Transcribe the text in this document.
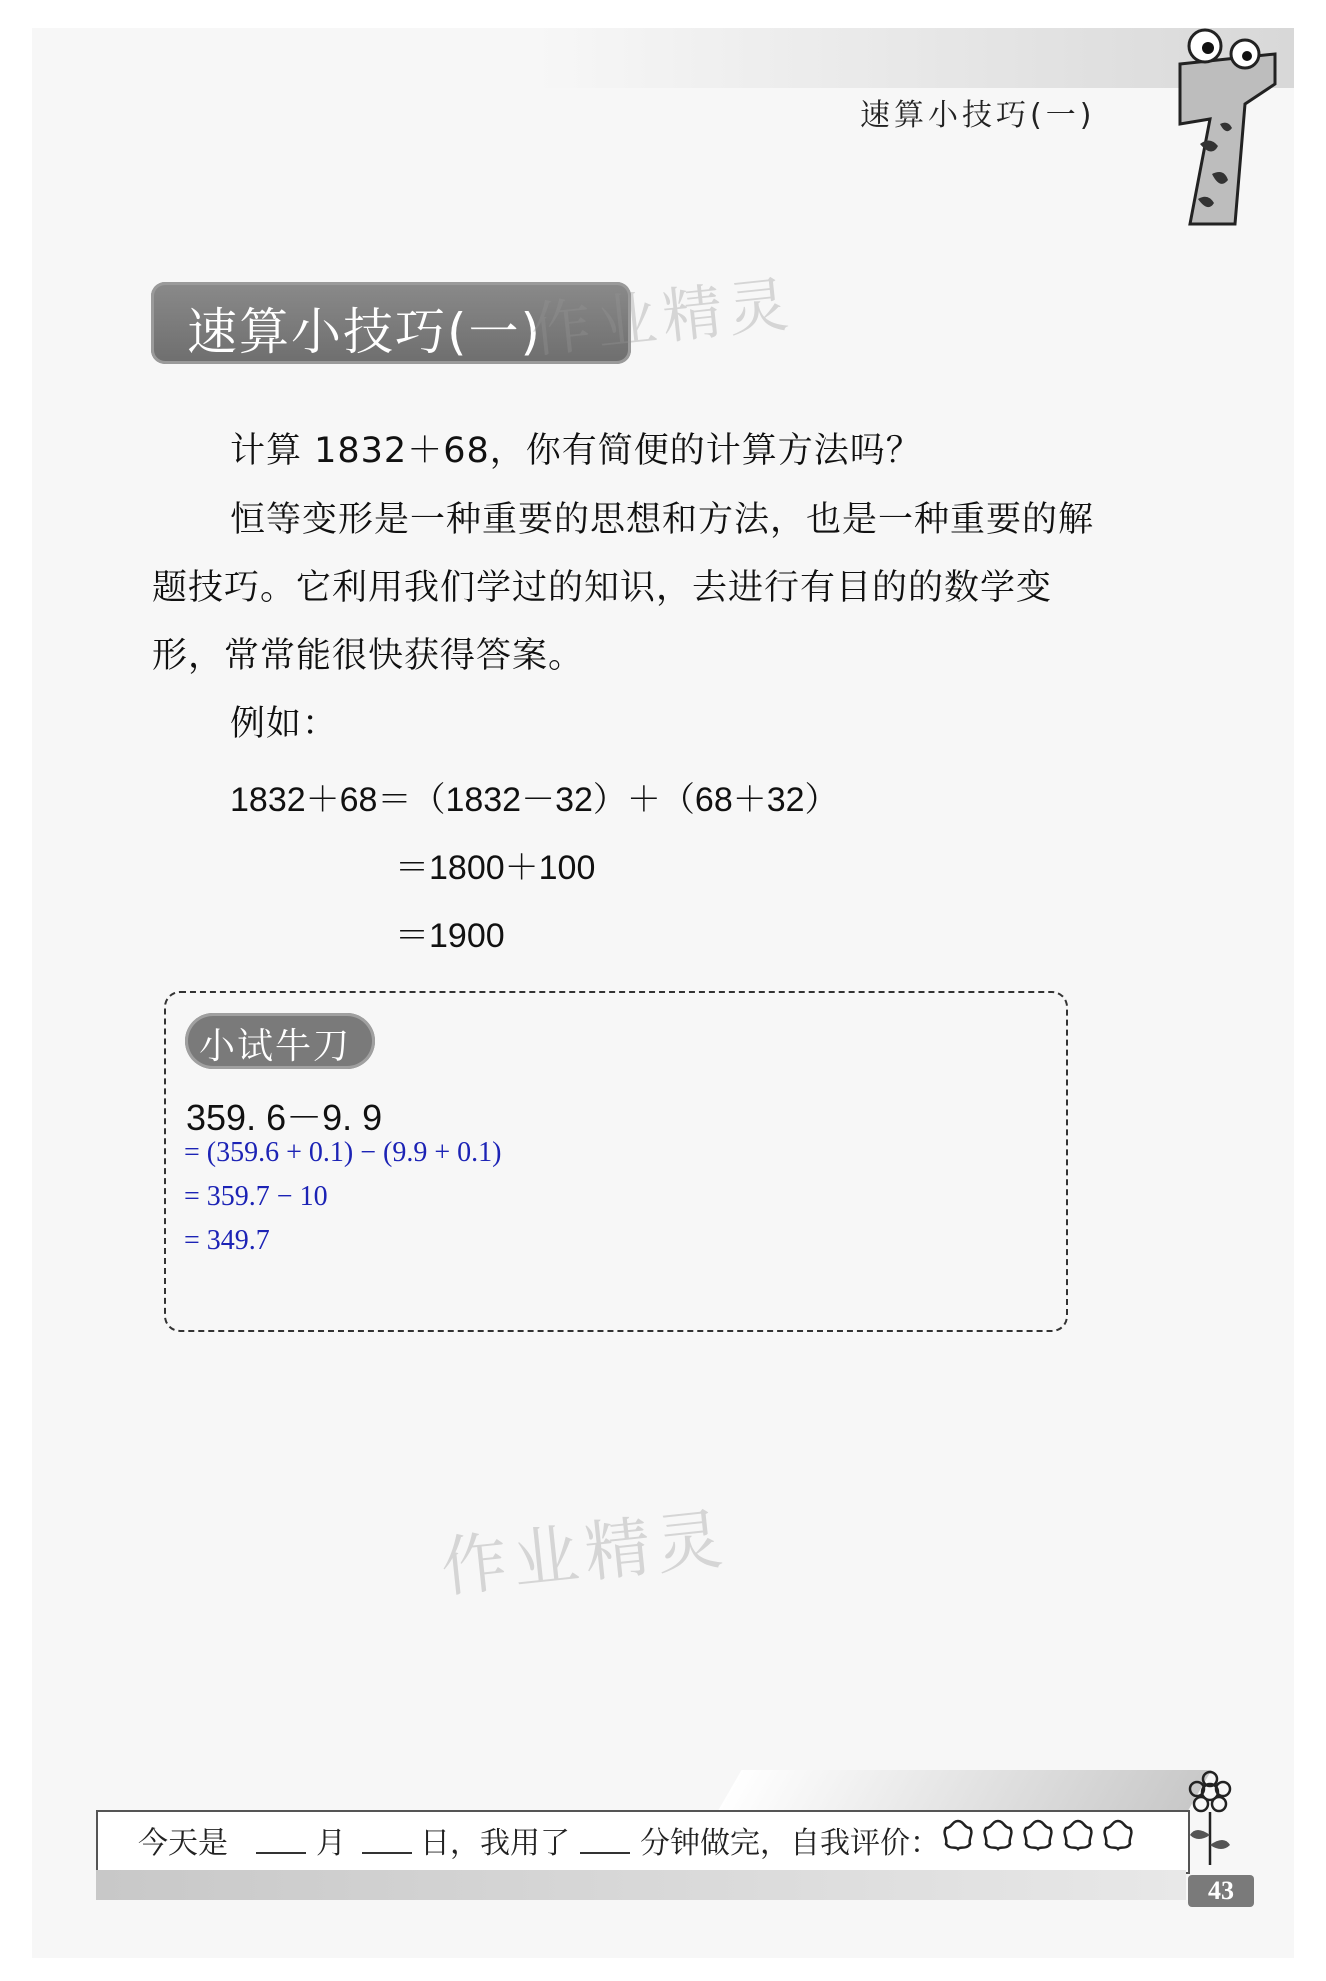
速算小技巧(一)
速算小技巧(一)
作业精灵
计算 1832＋68，你有简便的计算方法吗？
恒等变形是一种重要的思想和方法，也是一种重要的解
题技巧。它利用我们学过的知识，去进行有目的的数学变
形，常常能很快获得答案。
例如：
1832＋68＝（1832－32）＋（68＋32）
＝1800＋100
＝1900
小试牛刀
359. 6－9. 9
= (359.6 + 0.1) − (9.9 + 0.1)
= 359.7 − 10
= 349.7
作业精灵
今天是	月 日，我用了 分钟做完，自我评价：
43
